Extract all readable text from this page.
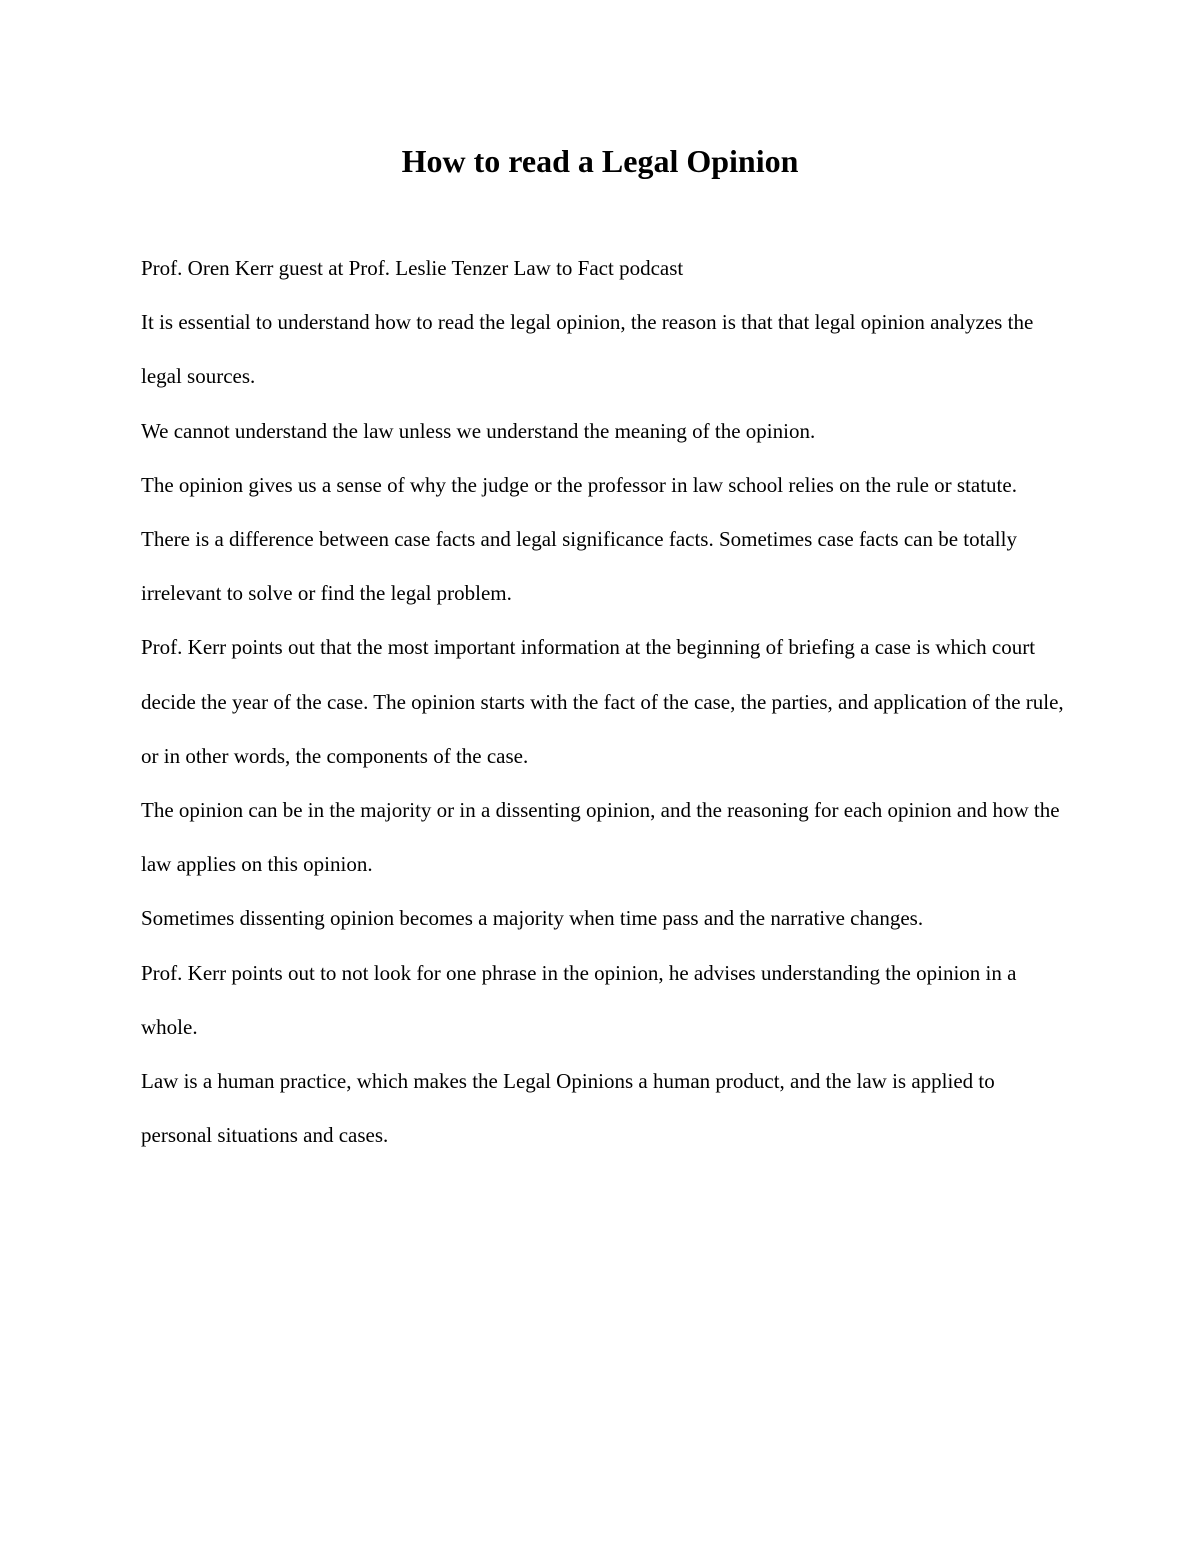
How to read a Legal Opinion

Prof. Oren Kerr guest at Prof. Leslie Tenzer Law to Fact podcast

It is essential to understand how to read the legal opinion, the reason is that that legal opinion analyzes the legal sources.

We cannot understand the law unless we understand the meaning of the opinion.

The opinion gives us a sense of why the judge or the professor in law school relies on the rule or statute.

There is a difference between case facts and legal significance facts. Sometimes case facts can be totally irrelevant to solve or find the legal problem.

Prof. Kerr points out that the most important information at the beginning of briefing a case is which court decide the year of the case. The opinion starts with the fact of the case, the parties, and application of the rule, or in other words, the components of the case.

The opinion can be in the majority or in a dissenting opinion, and the reasoning for each opinion and how the law applies on this opinion.

Sometimes dissenting opinion becomes a majority when time pass and the narrative changes.

Prof. Kerr points out to not look for one phrase in the opinion, he advises understanding the opinion in a whole.

Law is a human practice, which makes the Legal Opinions a human product, and the law is applied to personal situations and cases.
